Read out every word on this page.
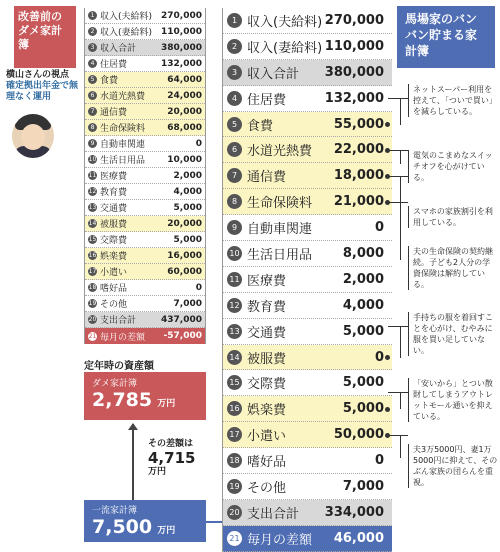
改善前のダメ家計簿
横山さんの視点
確定拠出年金で無理なく運用
1 収入(夫給料) 270,000
2 収入(妻給料) 110,000
3 収入合計	380,000
4 住居費	132,000
5 食費	64,000
6 水道光熱費	24,000
7 通信費	20,000
8 生命保険料	68,000
9 自動車関連	0
10 生活日用品	10,000
11 医療費	2,000
12 教育費	4,000
13 交通費	5,000
14 被服費	20,000
15 交際費	5,000
16 娯楽費	16,000
17 小遣い	60,000
18 嗜好品	0
19 その他	7,000
20 支出合計	437,000
21 毎月の差額	-57,000
定年時の資産額
ダメ家計簿
2,785 万円
その差額は
4,715
万円
一流家計簿
7,500 万円
1 収入(夫給料) 270,000
2 収入(妻給料) 110,000
3 収入合計	380,000
4 住居費	132,000
5 食費	55,000
6 水道光熱費	22,000
7 通信費	18,000
8 生命保険料	21,000
9 自動車関連	0
10 生活日用品	8,000
11 医療費	2,000
12 教育費	4,000
13 交通費	5,000
14 被服費	0
15 交際費	5,000
16 娯楽費	5,000
17 小遣い	50,000
18 嗜好品	0
19 その他	7,000
20 支出合計	334,000
21 毎月の差額	46,000
馬場家のバンバン貯まる家計簿
ネットスーパー利用を控えて、「ついで買い」を減らしている。
電気のこまめなスイッチオフを心がけている。
スマホの家族割引を利用している。
夫の生命保険の契約継続。子ども2人分の学資保険は解約している。
手持ちの服を着回すことを心がけ、むやみに服を買い足していない。
「安いから」とつい散財してしまうアウトレットモール通いを抑えている。
夫3万5000円、妻1万5000円に抑えて、そのぶん家族の団らんを重視。
